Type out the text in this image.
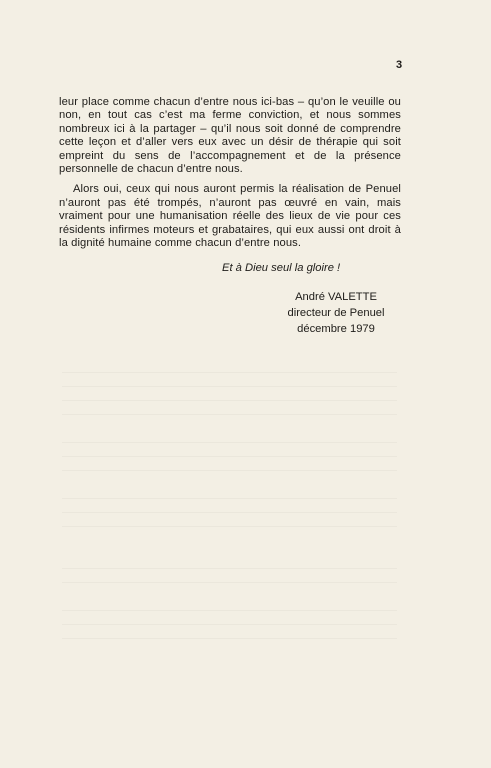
3

leur place comme chacun d’entre nous ici-bas – qu’on le veuille ou non, en tout cas c’est ma ferme conviction, et nous sommes nombreux ici à la partager – qu’il nous soit donné de comprendre cette leçon et d’aller vers eux avec un désir de thérapie qui soit empreint du sens de l’accompagnement et de la présence personnelle de chacun d’entre nous.

Alors oui, ceux qui nous auront permis la réalisation de Penuel n’auront pas été trompés, n’auront pas œuvré en vain, mais vraiment pour une humanisation réelle des lieux de vie pour ces résidents infirmes moteurs et grabataires, qui eux aussi ont droit à la dignité humaine comme chacun d’entre nous.

Et à Dieu seul la gloire !
André VALETTE
directeur de Penuel
décembre 1979
